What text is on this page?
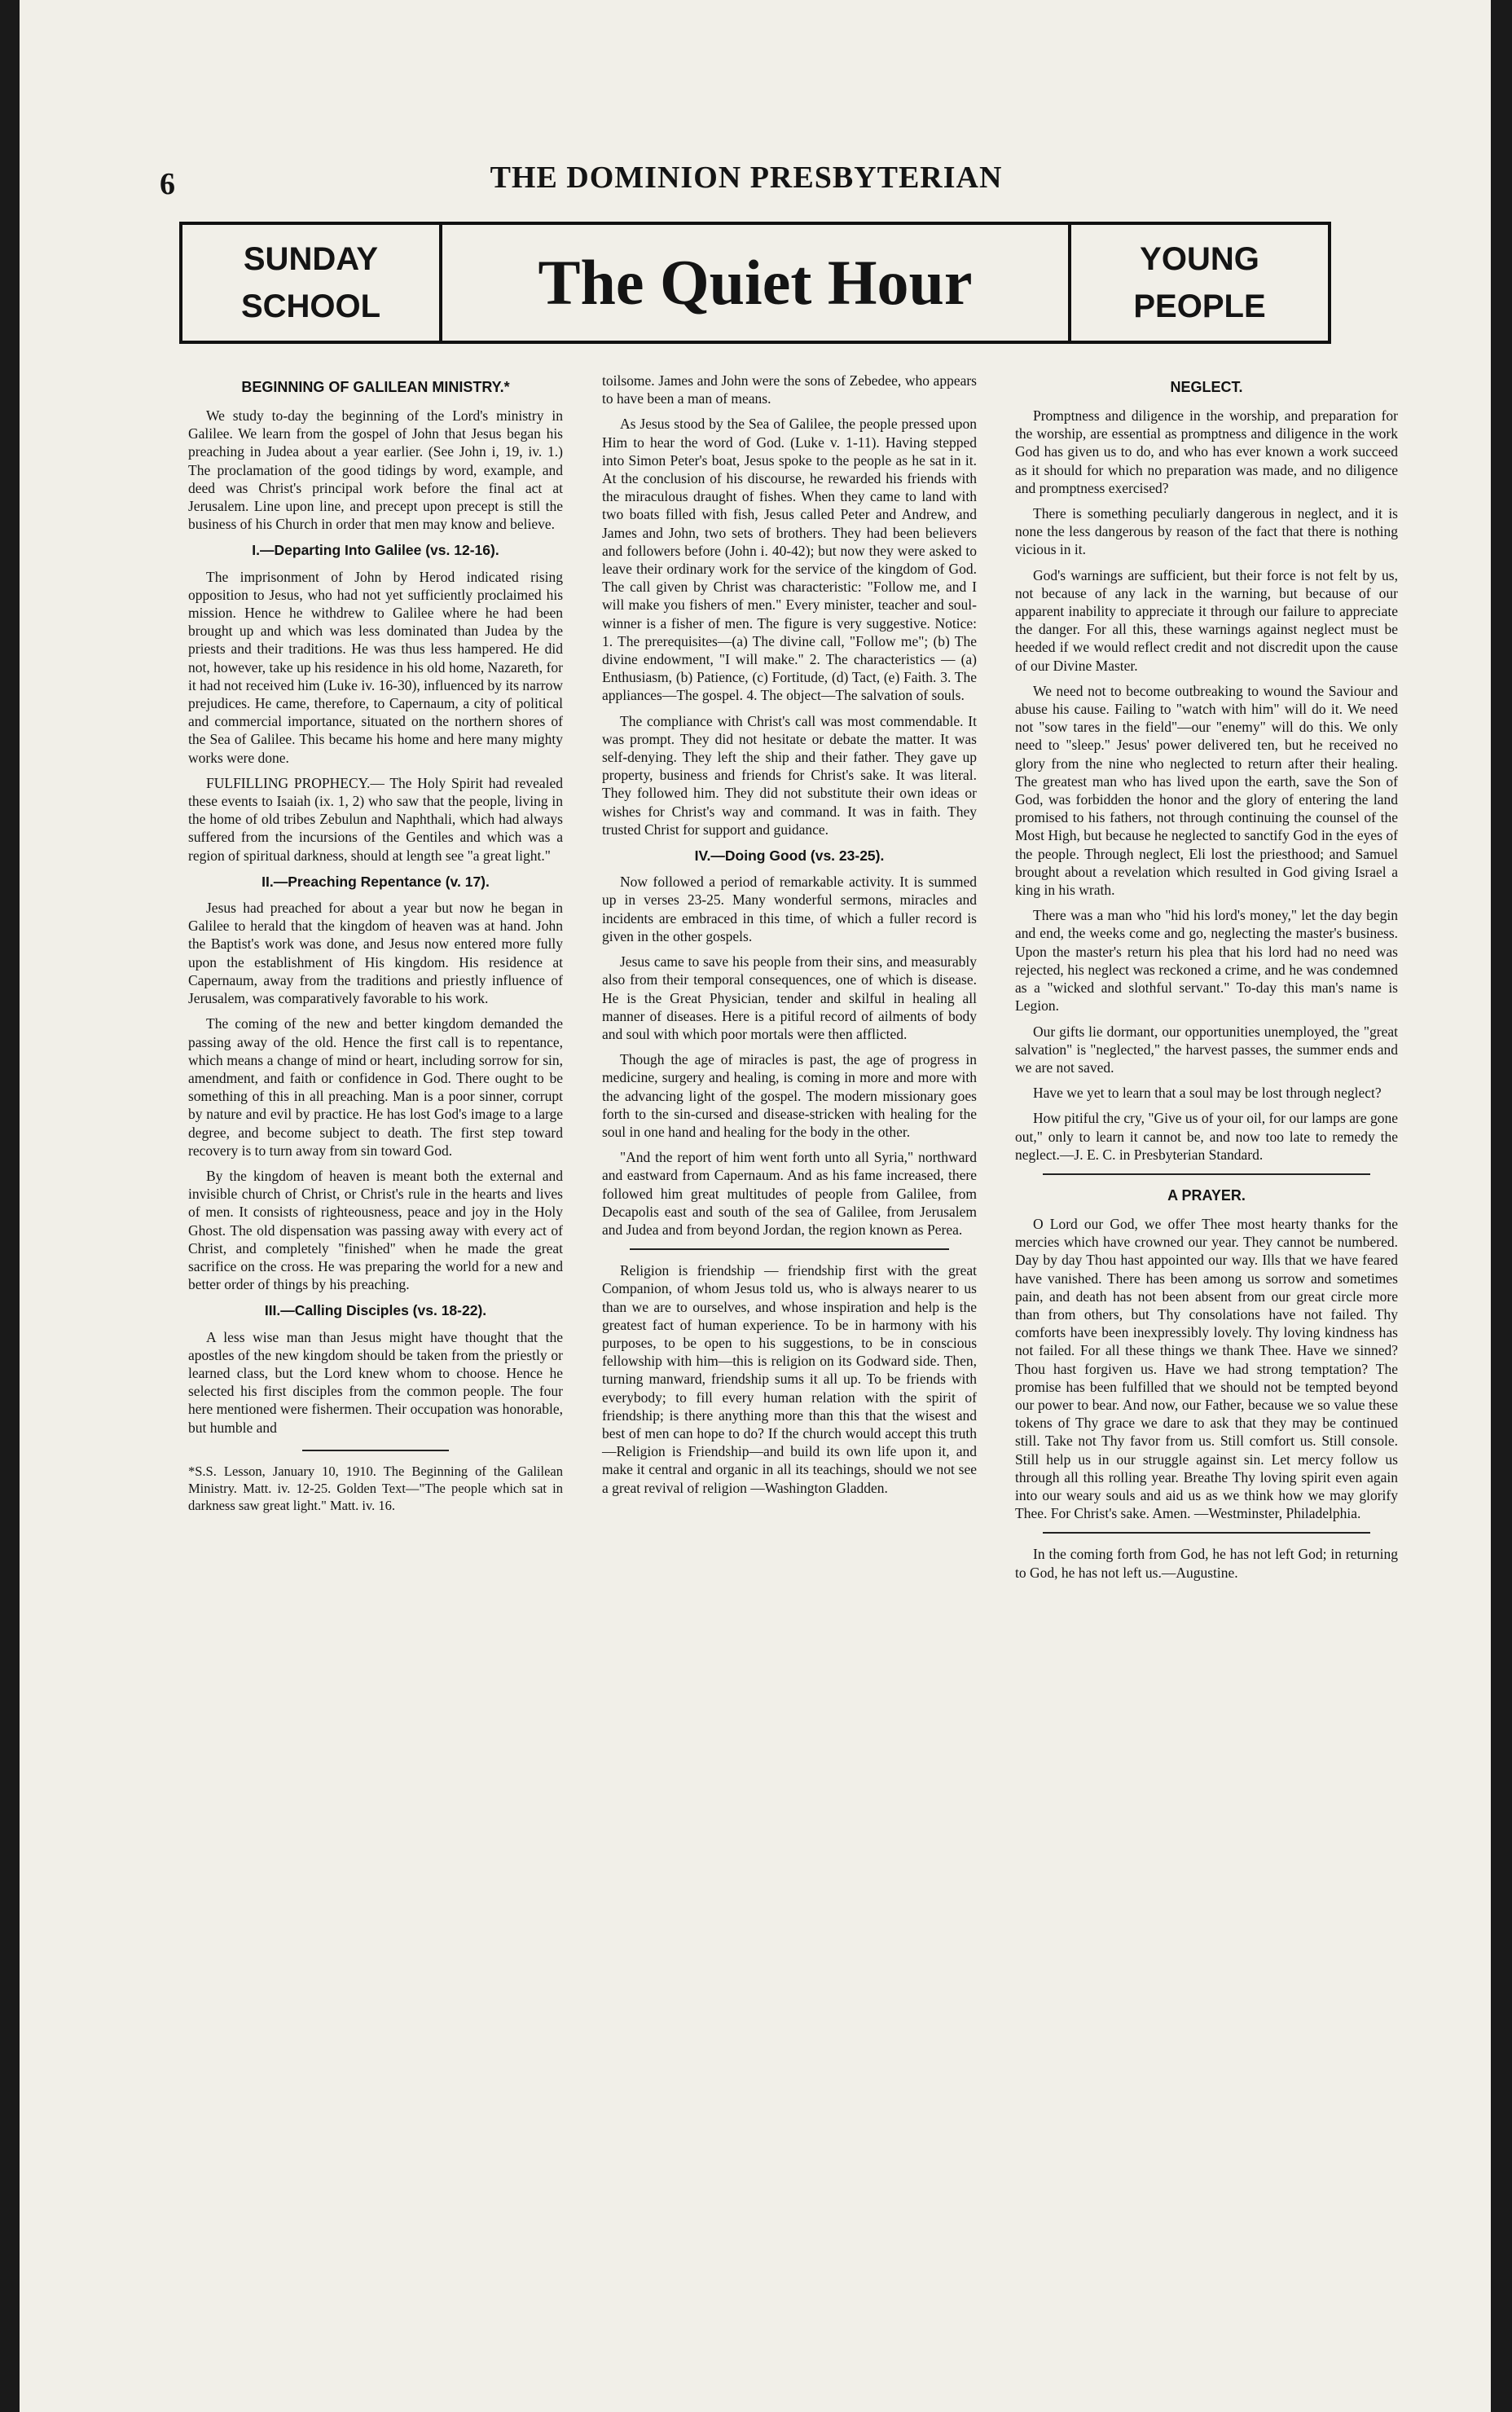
6	THE DOMINION PRESBYTERIAN
SUNDAY
SCHOOL	The Quiet Hour	YOUNG
PEOPLE
BEGINNING OF GALILEAN MINISTRY.*

We study to-day the beginning of the Lord's ministry in Galilee. We learn from the gospel of John that Jesus began his preaching in Judea about a year earlier. (See John i, 19, iv. 1.) The proclamation of the good tidings by word, example, and deed was Christ's principal work before the final act at Jerusalem. Line upon line, and precept upon precept is still the business of his Church in order that men may know and believe.

I.—Departing Into Galilee (vs. 12-16).

The imprisonment of John by Herod indicated rising opposition to Jesus, who had not yet sufficiently proclaimed his mission. Hence he withdrew to Galilee where he had been brought up and which was less dominated than Judea by the priests and their traditions. He was thus less hampered. He did not, however, take up his residence in his old home, Nazareth, for it had not received him (Luke iv. 16-30), influenced by its narrow prejudices. He came, therefore, to Capernaum, a city of political and commercial importance, situated on the northern shores of the Sea of Galilee. This became his home and here many mighty works were done.

FULFILLING PROPHECY.— The Holy Spirit had revealed these events to Isaiah (ix. 1, 2) who saw that the people, living in the home of old tribes Zebulun and Naphthali, which had always suffered from the incursions of the Gentiles and which was a region of spiritual darkness, should at length see "a great light."

II.—Preaching Repentance (v. 17).

Jesus had preached for about a year but now he began in Galilee to herald that the kingdom of heaven was at hand. John the Baptist's work was done, and Jesus now entered more fully upon the establishment of His kingdom. His residence at Capernaum, away from the traditions and priestly influence of Jerusalem, was comparatively favorable to his work.

The coming of the new and better kingdom demanded the passing away of the old. Hence the first call is to repentance, which means a change of mind or heart, including sorrow for sin, amendment, and faith or confidence in God. There ought to be something of this in all preaching. Man is a poor sinner, corrupt by nature and evil by practice. He has lost God's image to a large degree, and become subject to death. The first step toward recovery is to turn away from sin toward God.

By the kingdom of heaven is meant both the external and invisible church of Christ, or Christ's rule in the hearts and lives of men. It consists of righteousness, peace and joy in the Holy Ghost. The old dispensation was passing away with every act of Christ, and completely "finished" when he made the great sacrifice on the cross. He was preparing the world for a new and better order of things by his preaching.

III.—Calling Disciples (vs. 18-22).

A less wise man than Jesus might have thought that the apostles of the new kingdom should be taken from the priestly or learned class, but the Lord knew whom to choose. Hence he selected his first disciples from the common people. The four here mentioned were fishermen. Their occupation was honorable, but humble and

*S.S. Lesson, January 10, 1910. The Beginning of the Galilean Ministry. Matt. iv. 12-25. Golden Text—"The people which sat in darkness saw great light." Matt. iv. 16.

toilsome. James and John were the sons of Zebedee, who appears to have been a man of means.

As Jesus stood by the Sea of Galilee, the people pressed upon Him to hear the word of God. (Luke v. 1-11). Having stepped into Simon Peter's boat, Jesus spoke to the people as he sat in it. At the conclusion of his discourse, he rewarded his friends with the miraculous draught of fishes. When they came to land with two boats filled with fish, Jesus called Peter and Andrew, and James and John, two sets of brothers. They had been believers and followers before (John i. 40-42); but now they were asked to leave their ordinary work for the service of the kingdom of God. The call given by Christ was characteristic: "Follow me, and I will make you fishers of men." Every minister, teacher and soul-winner is a fisher of men. The figure is very suggestive. Notice: 1. The prerequisites—(a) The divine call, "Follow me"; (b) The divine endowment, "I will make." 2. The characteristics — (a) Enthusiasm, (b) Patience, (c) Fortitude, (d) Tact, (e) Faith. 3. The appliances—The gospel. 4. The object—The salvation of souls.

The compliance with Christ's call was most commendable. It was prompt. They did not hesitate or debate the matter. It was self-denying. They left the ship and their father. They gave up property, business and friends for Christ's sake. It was literal. They followed him. They did not substitute their own ideas or wishes for Christ's way and command. It was in faith. They trusted Christ for support and guidance.

IV.—Doing Good (vs. 23-25).

Now followed a period of remarkable activity. It is summed up in verses 23-25. Many wonderful sermons, miracles and incidents are embraced in this time, of which a fuller record is given in the other gospels.

Jesus came to save his people from their sins, and measurably also from their temporal consequences, one of which is disease. He is the Great Physician, tender and skilful in healing all manner of diseases. Here is a pitiful record of ailments of body and soul with which poor mortals were then afflicted.

Though the age of miracles is past, the age of progress in medicine, surgery and healing, is coming in more and more with the advancing light of the gospel. The modern missionary goes forth to the sin-cursed and disease-stricken with healing for the soul in one hand and healing for the body in the other.

"And the report of him went forth unto all Syria," northward and eastward from Capernaum. And as his fame increased, there followed him great multitudes of people from Galilee, from Decapolis east and south of the sea of Galilee, from Jerusalem and Judea and from beyond Jordan, the region known as Perea.

Religion is friendship — friendship first with the great Companion, of whom Jesus told us, who is always nearer to us than we are to ourselves, and whose inspiration and help is the greatest fact of human experience. To be in harmony with his purposes, to be open to his suggestions, to be in conscious fellowship with him—this is religion on its Godward side. Then, turning manward, friendship sums it all up. To be friends with everybody; to fill every human relation with the spirit of friendship; is there anything more than this that the wisest and best of men can hope to do? If the church would accept this truth—Religion is Friendship—and build its own life upon it, and make it central and organic in all its teachings, should we not see a great revival of religion —Washington Gladden.

NEGLECT.

Promptness and diligence in the worship, and preparation for the worship, are essential as promptness and diligence in the work God has given us to do, and who has ever known a work succeed as it should for which no preparation was made, and no diligence and promptness exercised?

There is something peculiarly dangerous in neglect, and it is none the less dangerous by reason of the fact that there is nothing vicious in it.

God's warnings are sufficient, but their force is not felt by us, not because of any lack in the warning, but because of our apparent inability to appreciate it through our failure to appreciate the danger. For all this, these warnings against neglect must be heeded if we would reflect credit and not discredit upon the cause of our Divine Master.

We need not to become outbreaking to wound the Saviour and abuse his cause. Failing to "watch with him" will do it. We need not "sow tares in the field"—our "enemy" will do this. We only need to "sleep." Jesus' power delivered ten, but he received no glory from the nine who neglected to return after their healing. The greatest man who has lived upon the earth, save the Son of God, was forbidden the honor and the glory of entering the land promised to his fathers, not through continuing the counsel of the Most High, but because he neglected to sanctify God in the eyes of the people. Through neglect, Eli lost the priesthood; and Samuel brought about a revelation which resulted in God giving Israel a king in his wrath.

There was a man who "hid his lord's money," let the day begin and end, the weeks come and go, neglecting the master's business. Upon the master's return his plea that his lord had no need was rejected, his neglect was reckoned a crime, and he was condemned as a "wicked and slothful servant." To-day this man's name is Legion.

Our gifts lie dormant, our opportunities unemployed, the "great salvation" is "neglected," the harvest passes, the summer ends and we are not saved.

Have we yet to learn that a soul may be lost through neglect?

How pitiful the cry, "Give us of your oil, for our lamps are gone out," only to learn it cannot be, and now too late to remedy the neglect.—J. E. C. in Presbyterian Standard.

A PRAYER.

O Lord our God, we offer Thee most hearty thanks for the mercies which have crowned our year. They cannot be numbered. Day by day Thou hast appointed our way. Ills that we have feared have vanished. There has been among us sorrow and sometimes pain, and death has not been absent from our great circle more than from others, but Thy consolations have not failed. Thy comforts have been inexpressibly lovely. Thy loving kindness has not failed. For all these things we thank Thee. Have we sinned? Thou hast forgiven us. Have we had strong temptation? The promise has been fulfilled that we should not be tempted beyond our power to bear. And now, our Father, because we so value these tokens of Thy grace we dare to ask that they may be continued still. Take not Thy favor from us. Still comfort us. Still console. Still help us in our struggle against sin. Let mercy follow us through all this rolling year. Breathe Thy loving spirit even again into our weary souls and aid us as we think how we may glorify Thee. For Christ's sake. Amen. —Westminster, Philadelphia.

In the coming forth from God, he has not left God; in returning to God, he has not left us.—Augustine.
